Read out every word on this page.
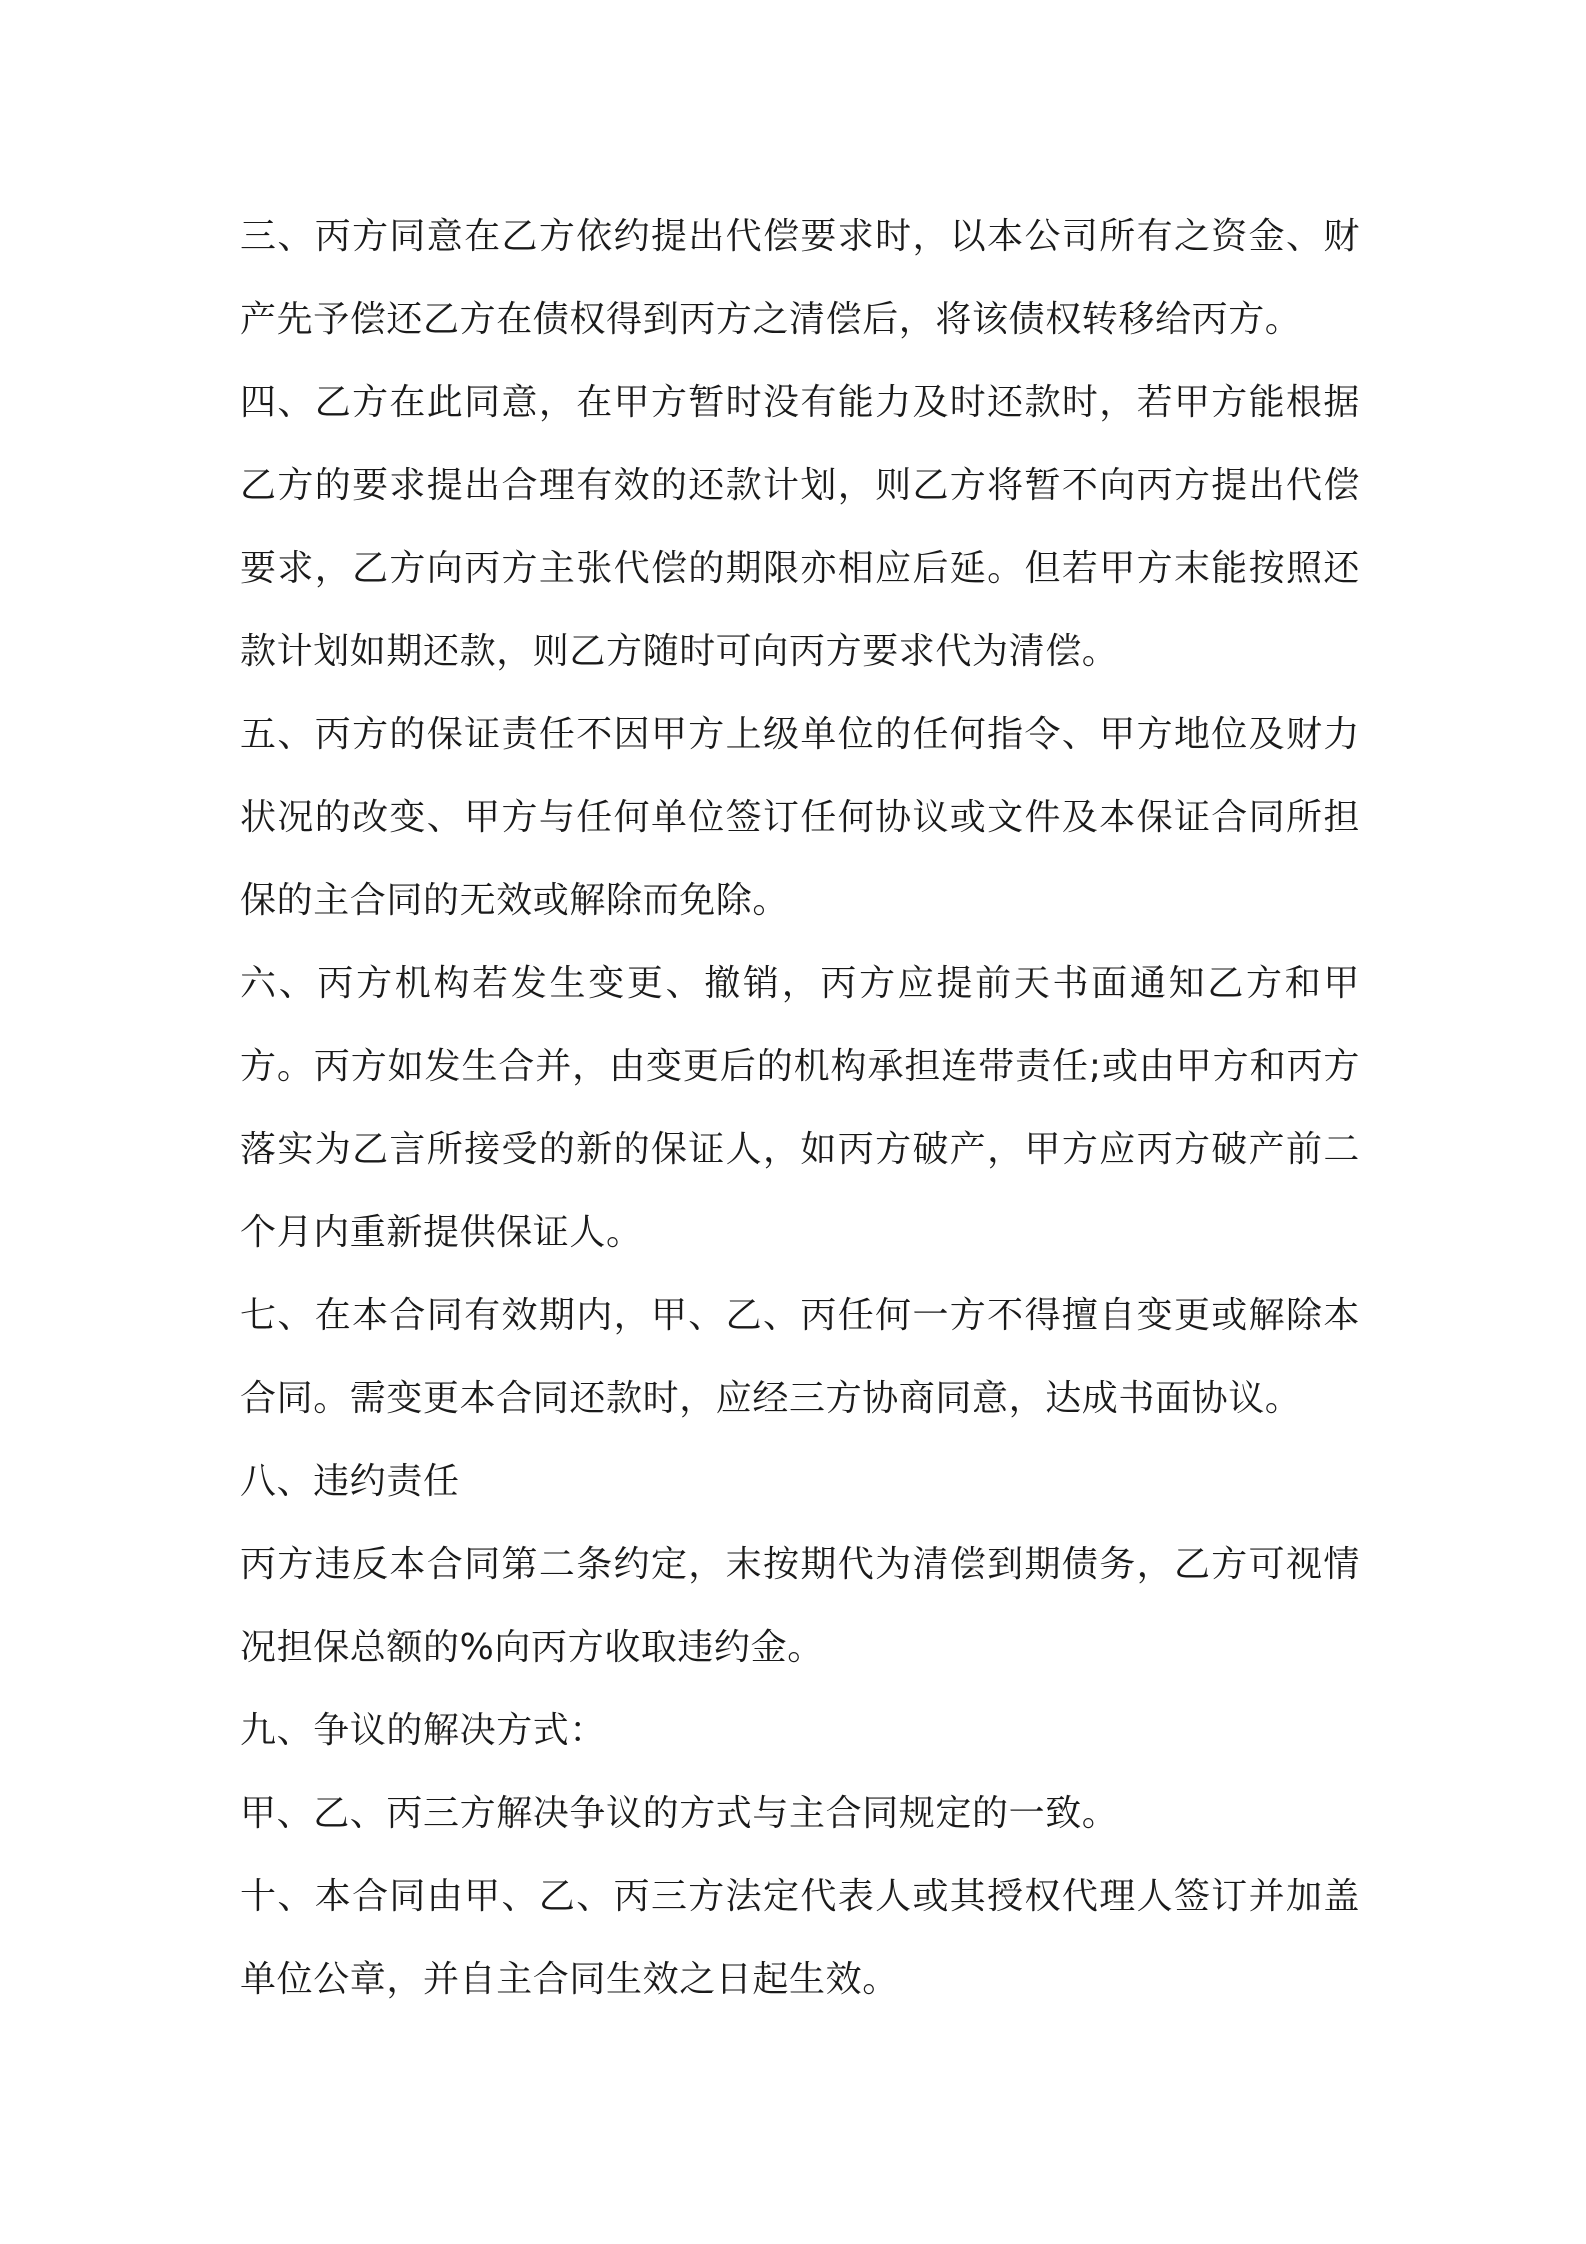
三、丙方同意在乙方依约提出代偿要求时，以本公司所有之资金、财产先予偿还乙方在债权得到丙方之清偿后，将该债权转移给丙方。

四、乙方在此同意，在甲方暂时没有能力及时还款时，若甲方能根据乙方的要求提出合理有效的还款计划，则乙方将暂不向丙方提出代偿要求，乙方向丙方主张代偿的期限亦相应后延。但若甲方末能按照还款计划如期还款，则乙方随时可向丙方要求代为清偿。

五、丙方的保证责任不因甲方上级单位的任何指令、甲方地位及财力状况的改变、甲方与任何单位签订任何协议或文件及本保证合同所担保的主合同的无效或解除而免除。

六、丙方机构若发生变更、撤销，丙方应提前天书面通知乙方和甲方。丙方如发生合并，由变更后的机构承担连带责任;或由甲方和丙方落实为乙言所接受的新的保证人，如丙方破产，甲方应丙方破产前二个月内重新提供保证人。

七、在本合同有效期内，甲、乙、丙任何一方不得擅自变更或解除本合同。需变更本合同还款时，应经三方协商同意，达成书面协议。

八、违约责任

丙方违反本合同第二条约定，末按期代为清偿到期债务，乙方可视情况担保总额的%向丙方收取违约金。

九、争议的解决方式：

甲、乙、丙三方解决争议的方式与主合同规定的一致。

十、本合同由甲、乙、丙三方法定代表人或其授权代理人签订并加盖单位公章，并自主合同生效之日起生效。
